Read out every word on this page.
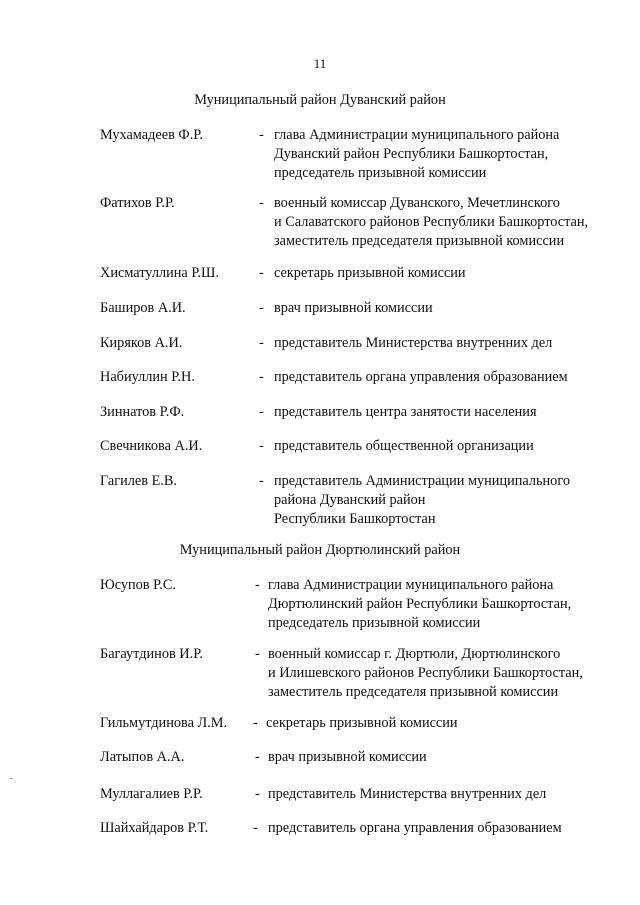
11
Муниципальный район Дуванский район
Мухамадеев Ф.Р.	- глава Администрации муниципального района
Дуванский район Республики Башкортостан,
председатель призывной комиссии
Фатихов Р.Р.	- военный комиссар Дуванского, Мечетлинского
и Салаватского районов Республики Башкортостан,
заместитель председателя призывной комиссии
Хисматуллина Р.Ш.	- секретарь призывной комиссии
Баширов А.И.	- врач призывной комиссии
Киряков А.И.	- представитель Министерства внутренних дел
Набиуллин Р.Н.	- представитель органа управления образованием
Зиннатов Р.Ф.	- представитель центра занятости населения
Свечникова А.И.	- представитель общественной организации
Гагилев Е.В.	- представитель Администрации муниципального
района Дуванский район
Республики Башкортостан
Муниципальный район Дюртюлинский район
Юсупов Р.С.	- глава Администрации муниципального района
Дюртюлинский район Республики Башкортостан,
председатель призывной комиссии
Багаутдинов И.Р.	- военный комиссар г. Дюртюли, Дюртюлинского
и Илишевского районов Республики Башкортостан,
заместитель председателя призывной комиссии
Гильмутдинова Л.М. - секретарь призывной комиссии
Латыпов А.А.	- врач призывной комиссии
Муллагалиев Р.Р.	- представитель Министерства внутренних дел
Шайхайдаров Р.Т.	- представитель органа управления образованием
